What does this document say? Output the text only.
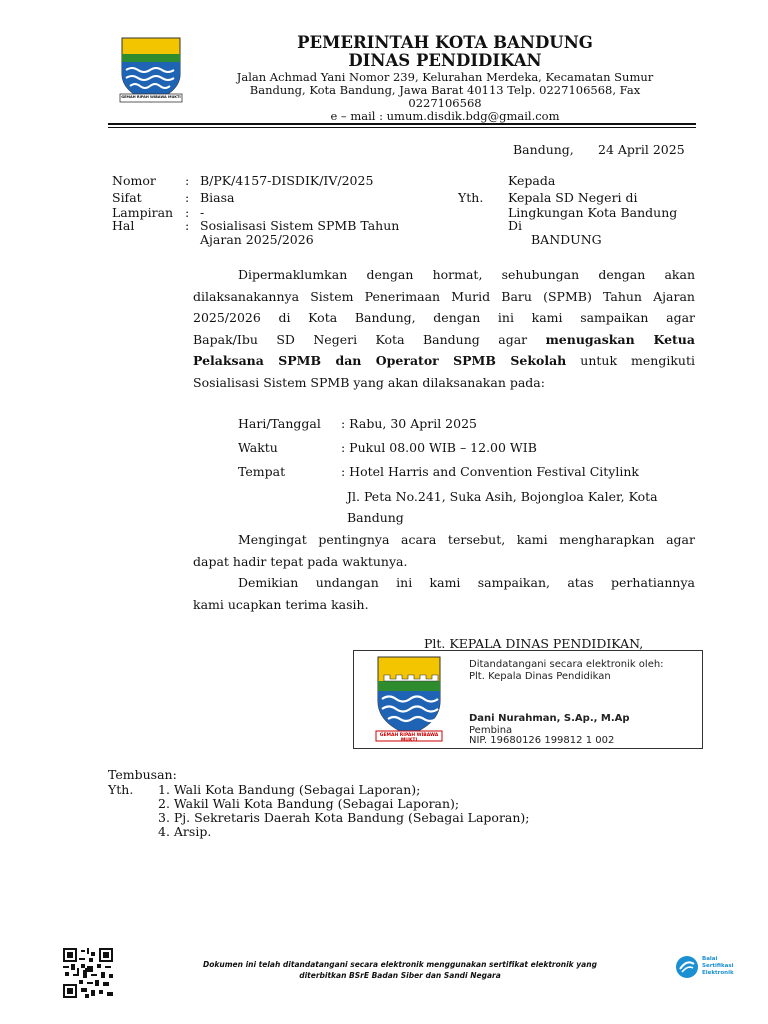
GEMAH RIPAH WIBAWA MUKTI
PEMERINTAH KOTA BANDUNG
DINAS PENDIDIKAN
Jalan Achmad Yani Nomor 239, Kelurahan Merdeka, Kecamatan Sumur
Bandung, Kota Bandung, Jawa Barat 40113 Telp. 0227106568, Fax
0227106568
e – mail : umum.disdik.bdg@gmail.com
Bandung, 24 April 2025
Nomor : B/PK/4157-DISDIK/IV/2025
Sifat	: Biasa
Lampiran : -
Hal	: Sosialisasi Sistem SPMB Tahun
Ajaran 2025/2026
Kepada
Yth. Kepala SD Negeri di
Lingkungan Kota Bandung
Di
BANDUNG
Dipermaklumkan dengan hormat, sehubungan dengan akan
dilaksanakannya Sistem Penerimaan Murid Baru (SPMB) Tahun Ajaran
2025/2026 di Kota Bandung, dengan ini kami sampaikan agar
Bapak/Ibu SD Negeri Kota Bandung agar menugaskan Ketua
Pelaksana SPMB dan Operator SPMB Sekolah untuk mengikuti
Sosialisasi Sistem SPMB yang akan dilaksanakan pada:
Hari/Tanggal : Rabu, 30 April 2025
Waktu	: Pukul 08.00 WIB – 12.00 WIB
Tempat	: Hotel Harris and Convention Festival Citylink
Jl. Peta No.241, Suka Asih, Bojongloa Kaler, Kota
Bandung
Mengingat pentingnya acara tersebut, kami mengharapkan agar
dapat hadir tepat pada waktunya.
Demikian undangan ini kami sampaikan, atas perhatiannya
kami ucapkan terima kasih.
Plt. KEPALA DINAS PENDIDIKAN,
GEMAH RIPAH WIBAWA MUKTI
Ditandatangani secara elektronik oleh:
Plt. Kepala Dinas Pendidikan
Dani Nurahman, S.Ap., M.Ap
Pembina
NIP. 19680126 199812 1 002
Tembusan:
Yth. 1. Wali Kota Bandung (Sebagai Laporan);
2. Wakil Wali Kota Bandung (Sebagai Laporan);
3. Pj. Sekretaris Daerah Kota Bandung (Sebagai Laporan);
4. Arsip.
Dokumen ini telah ditandatangani secara elektronik menggunakan sertifikat elektronik yang
diterbitkan BSrE Badan Siber dan Sandi Negara
Balai
Sertifikasi
Elektronik
